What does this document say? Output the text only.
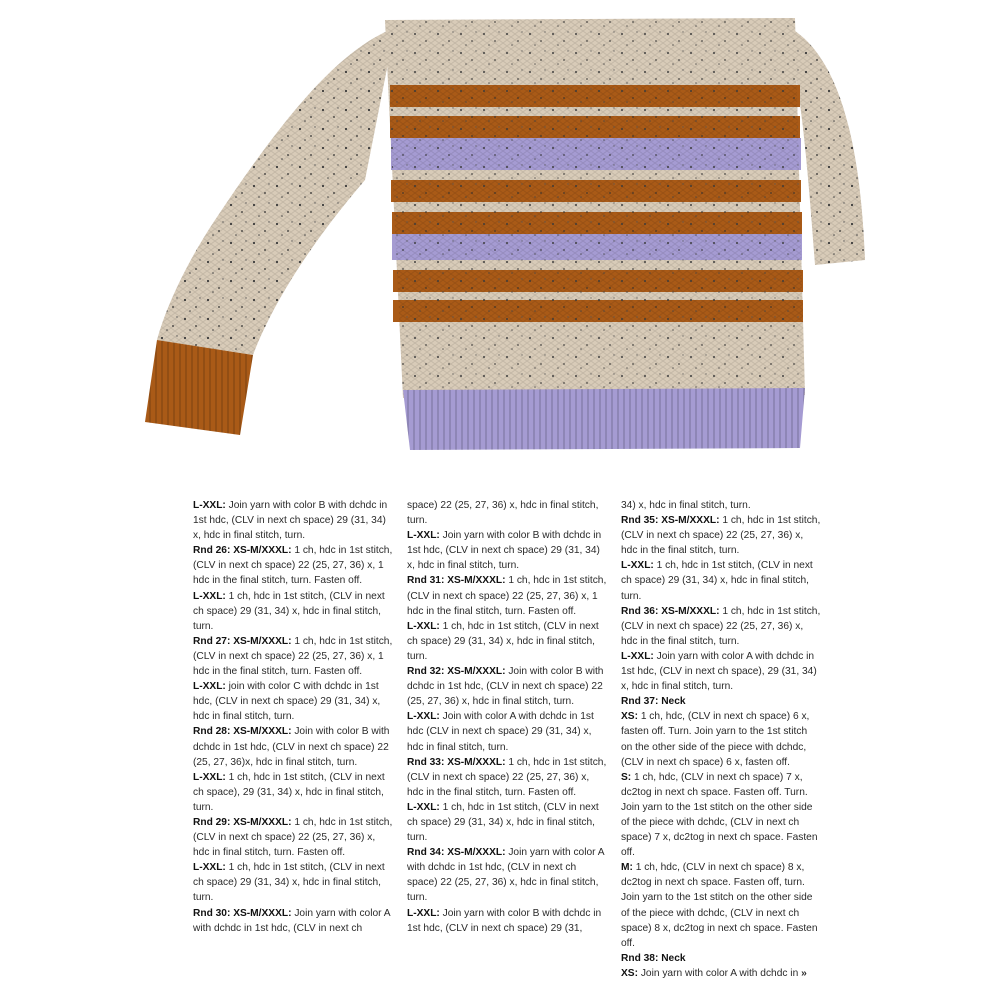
L-XXL: Join yarn with color B with dchdc in 1st hdc, (CLV in next ch space) 29 (31, 34) x, hdc in final stitch, turn.

Rnd 26: XS-M/XXXL: 1 ch, hdc in 1st stitch, (CLV in next ch space) 22 (25, 27, 36) x, 1 hdc in the final stitch, turn. Fasten off.

L-XXL: 1 ch, hdc in 1st stitch, (CLV in next ch space) 29 (31, 34) x, hdc in final stitch, turn.

Rnd 27: XS-M/XXXL: 1 ch, hdc in 1st stitch, (CLV in next ch space) 22 (25, 27, 36) x, 1 hdc in the final stitch, turn. Fasten off.

L-XXL: join with color C with dchdc in 1st hdc, (CLV in next ch space) 29 (31, 34) x, hdc in final stitch, turn.

Rnd 28: XS-M/XXXL: Join with color B with dchdc in 1st hdc, (CLV in next ch space) 22 (25, 27, 36)x, hdc in final stitch, turn.

L-XXL: 1 ch, hdc in 1st stitch, (CLV in next ch space), 29 (31, 34) x, hdc in final stitch, turn.

Rnd 29: XS-M/XXXL: 1 ch, hdc in 1st stitch, (CLV in next ch space) 22 (25, 27, 36) x, hdc in final stitch, turn. Fasten off.

L-XXL: 1 ch, hdc in 1st stitch, (CLV in next ch space) 29 (31, 34) x, hdc in final stitch, turn.

Rnd 30: XS-M/XXXL: Join yarn with color A with dchdc in 1st hdc, (CLV in next ch

space) 22 (25, 27, 36) x, hdc in final stitch, turn.

L-XXL: Join yarn with color B with dchdc in 1st hdc, (CLV in next ch space) 29 (31, 34) x, hdc in final stitch, turn.

Rnd 31: XS-M/XXXL: 1 ch, hdc in 1st stitch, (CLV in next ch space) 22 (25, 27, 36) x, 1 hdc in the final stitch, turn. Fasten off.

L-XXL: 1 ch, hdc in 1st stitch, (CLV in next ch space) 29 (31, 34) x, hdc in final stitch, turn.

Rnd 32: XS-M/XXXL: Join with color B with dchdc in 1st hdc, (CLV in next ch space) 22 (25, 27, 36) x, hdc in final stitch, turn.

L-XXL: Join with color A with dchdc in 1st hdc (CLV in next ch space) 29 (31, 34) x, hdc in final stitch, turn.

Rnd 33: XS-M/XXXL: 1 ch, hdc in 1st stitch, (CLV in next ch space) 22 (25, 27, 36) x, hdc in the final stitch, turn. Fasten off.

L-XXL: 1 ch, hdc in 1st stitch, (CLV in next ch space) 29 (31, 34) x, hdc in final stitch, turn.

Rnd 34: XS-M/XXXL: Join yarn with color A with dchdc in 1st hdc, (CLV in next ch space) 22 (25, 27, 36) x, hdc in final stitch, turn.

L-XXL: Join yarn with color B with dchdc in 1st hdc, (CLV in next ch space) 29 (31,

34) x, hdc in final stitch, turn.

Rnd 35: XS-M/XXXL: 1 ch, hdc in 1st stitch, (CLV in next ch space) 22 (25, 27, 36) x, hdc in the final stitch, turn.

L-XXL: 1 ch, hdc in 1st stitch, (CLV in next ch space) 29 (31, 34) x, hdc in final stitch, turn.

Rnd 36: XS-M/XXXL: 1 ch, hdc in 1st stitch, (CLV in next ch space) 22 (25, 27, 36) x, hdc in the final stitch, turn.

L-XXL: Join yarn with color A with dchdc in 1st hdc, (CLV in next ch space), 29 (31, 34) x, hdc in final stitch, turn.

Rnd 37: Neck

XS: 1 ch, hdc, (CLV in next ch space) 6 x, fasten off. Turn. Join yarn to the 1st stitch on the other side of the piece with dchdc, (CLV in next ch space) 6 x, fasten off.

S: 1 ch, hdc, (CLV in next ch space) 7 x, dc2tog in next ch space. Fasten off. Turn. Join yarn to the 1st stitch on the other side of the piece with dchdc, (CLV in next ch space) 7 x, dc2tog in next ch space. Fasten off.

M: 1 ch, hdc, (CLV in next ch space) 8 x, dc2tog in next ch space. Fasten off, turn. Join yarn to the 1st stitch on the other side of the piece with dchdc, (CLV in next ch space) 8 x, dc2tog in next ch space. Fasten off.

Rnd 38: Neck

XS: Join yarn with color A with dchdc in »
